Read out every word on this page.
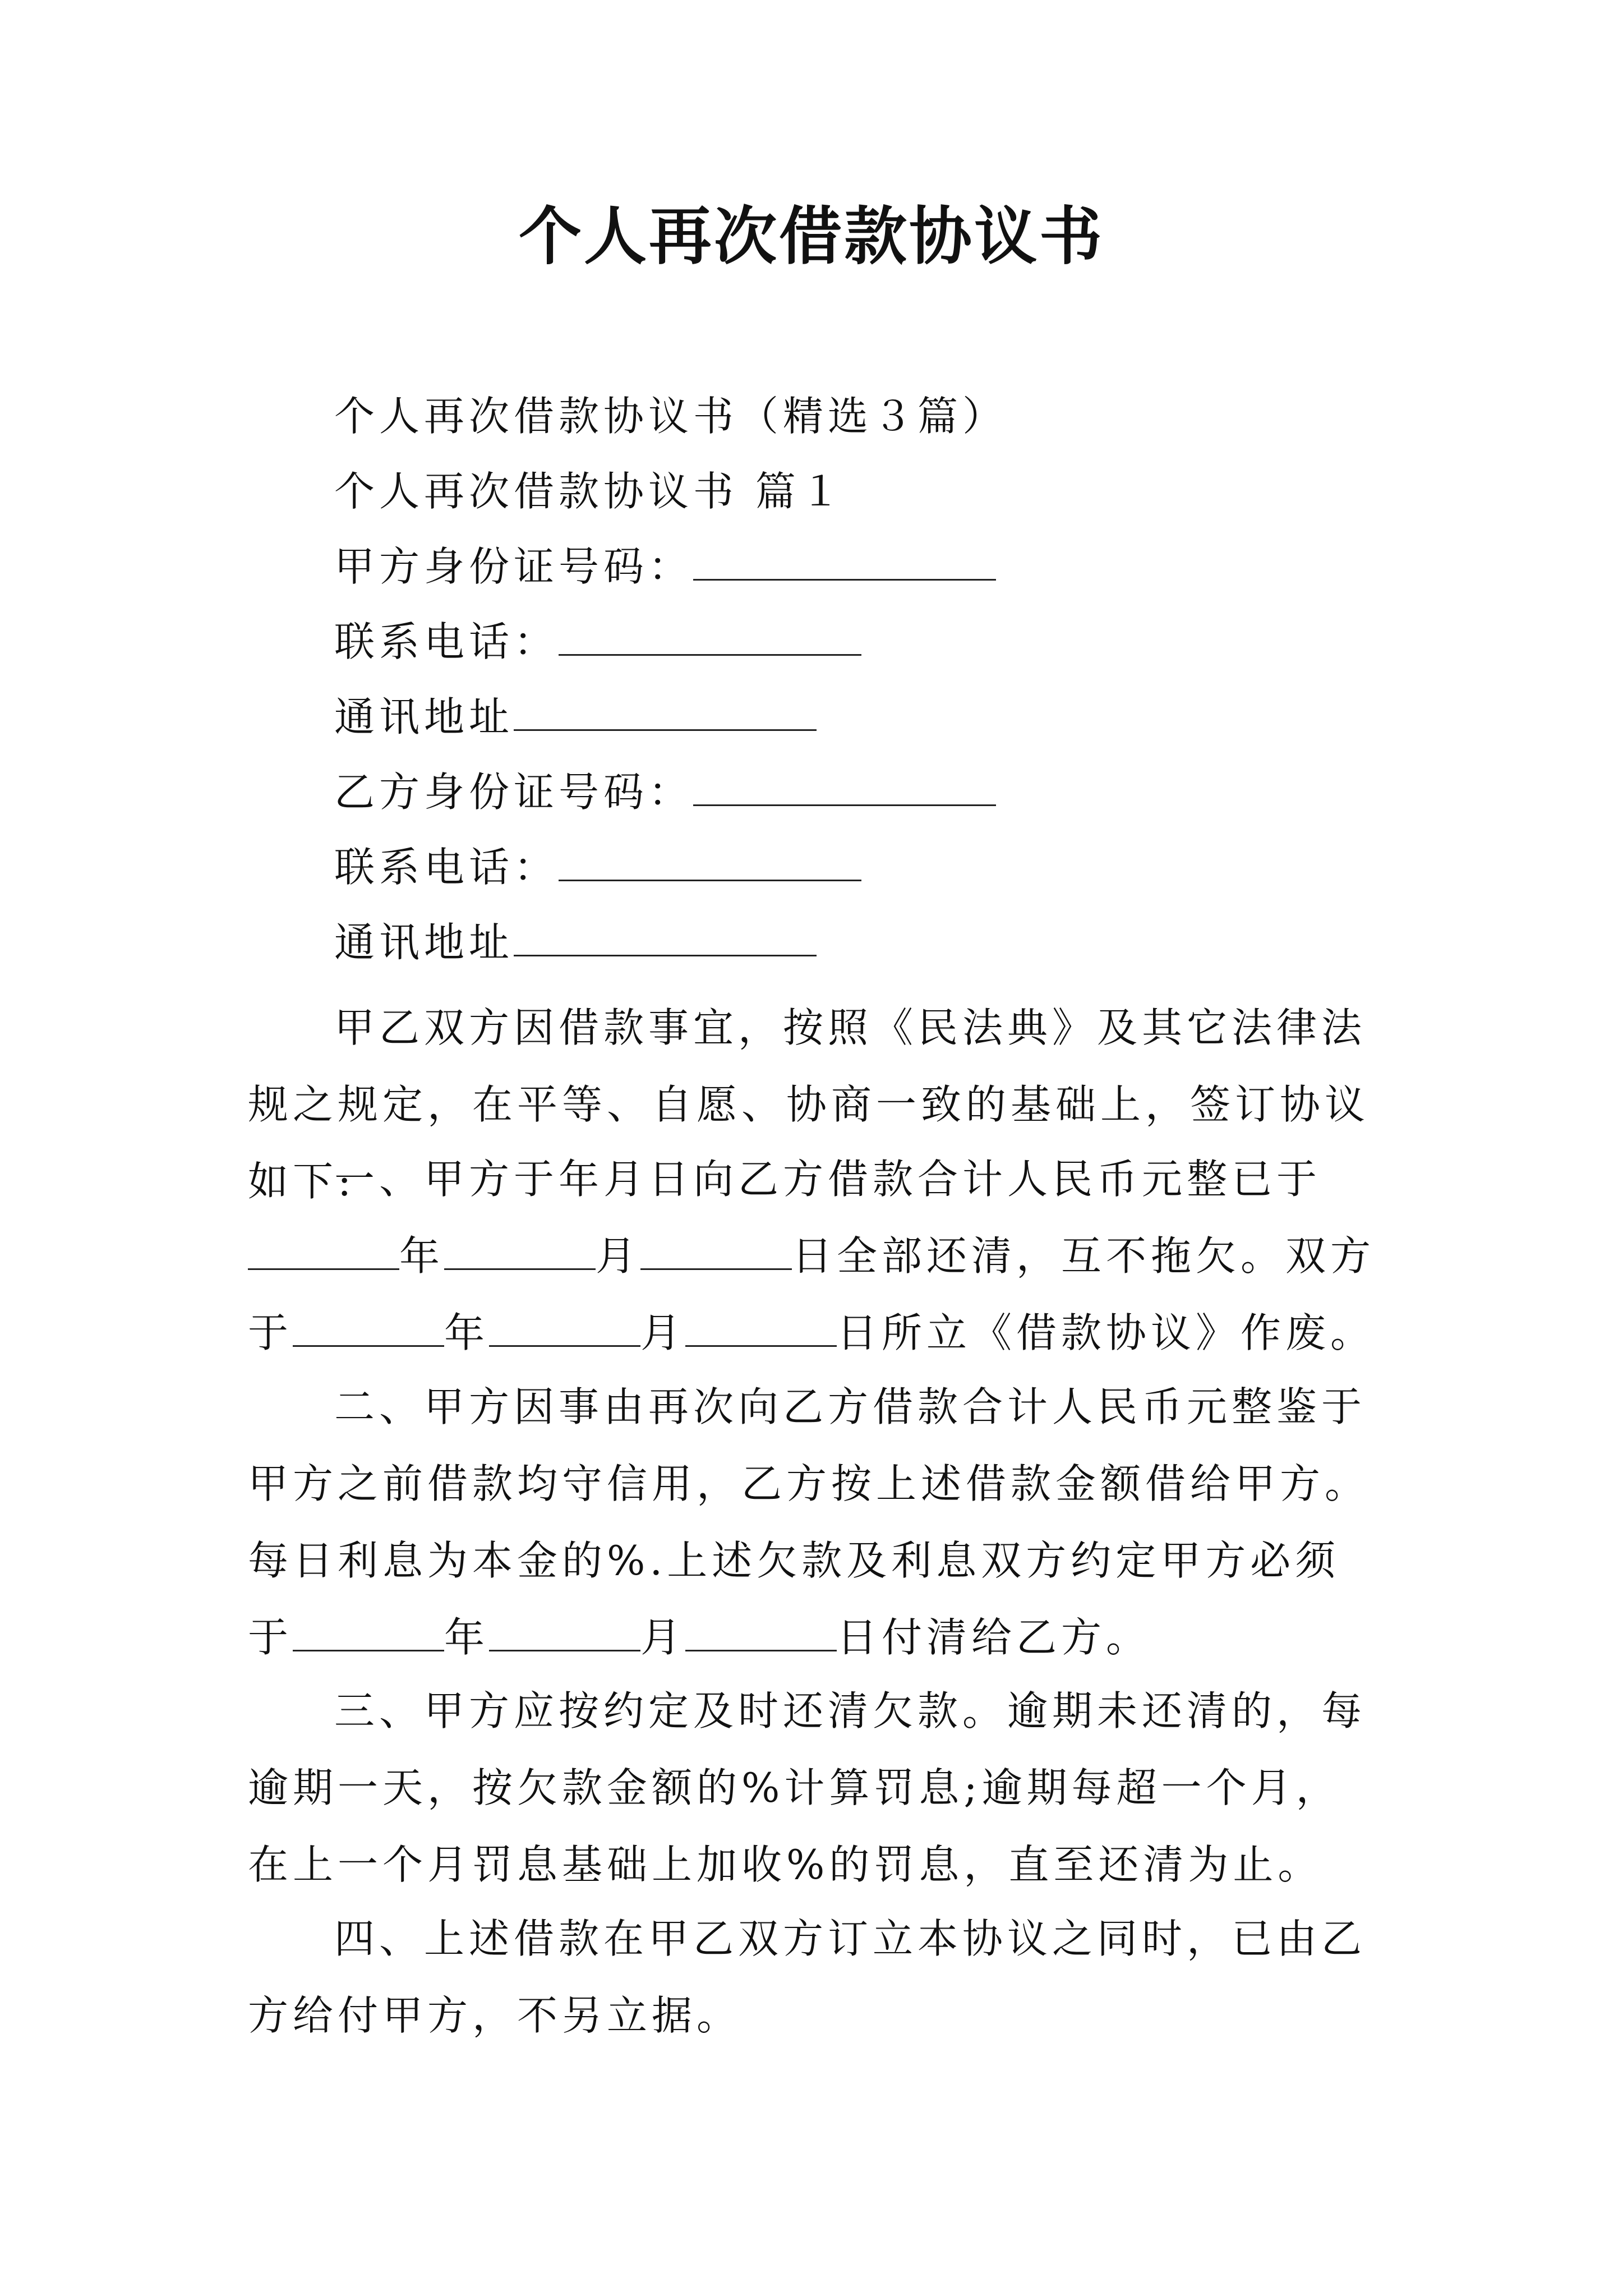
个人再次借款协议书
个人再次借款协议书（精选３篇）
个人再次借款协议书 篇１
甲方身份证号码：
联系电话：
通讯地址
乙方身份证号码：
联系电话：
通讯地址
甲乙双方因借款事宜，按照《民法典》及其它法律法规之规定，在平等、自愿、协商一致的基础上，签订协议如下:
一、甲方于年月日向乙方借款合计人民币元整已于年	月	日全部还清，互不拖欠。双方于	年	月	日所立《借款协议》作废。
二、甲方因事由再次向乙方借款合计人民币元整鉴于甲方之前借款均守信用，乙方按上述借款金额借给甲方。每日利息为本金的%.上述欠款及利息双方约定甲方必须于	年	月	日付清给乙方。
三、甲方应按约定及时还清欠款。逾期未还清的，每逾期一天，按欠款金额的%计算罚息;逾期每超一个月，在上一个月罚息基础上加收%的罚息，直至还清为止。
四、上述借款在甲乙双方订立本协议之同时，已由乙方给付甲方，不另立据。
